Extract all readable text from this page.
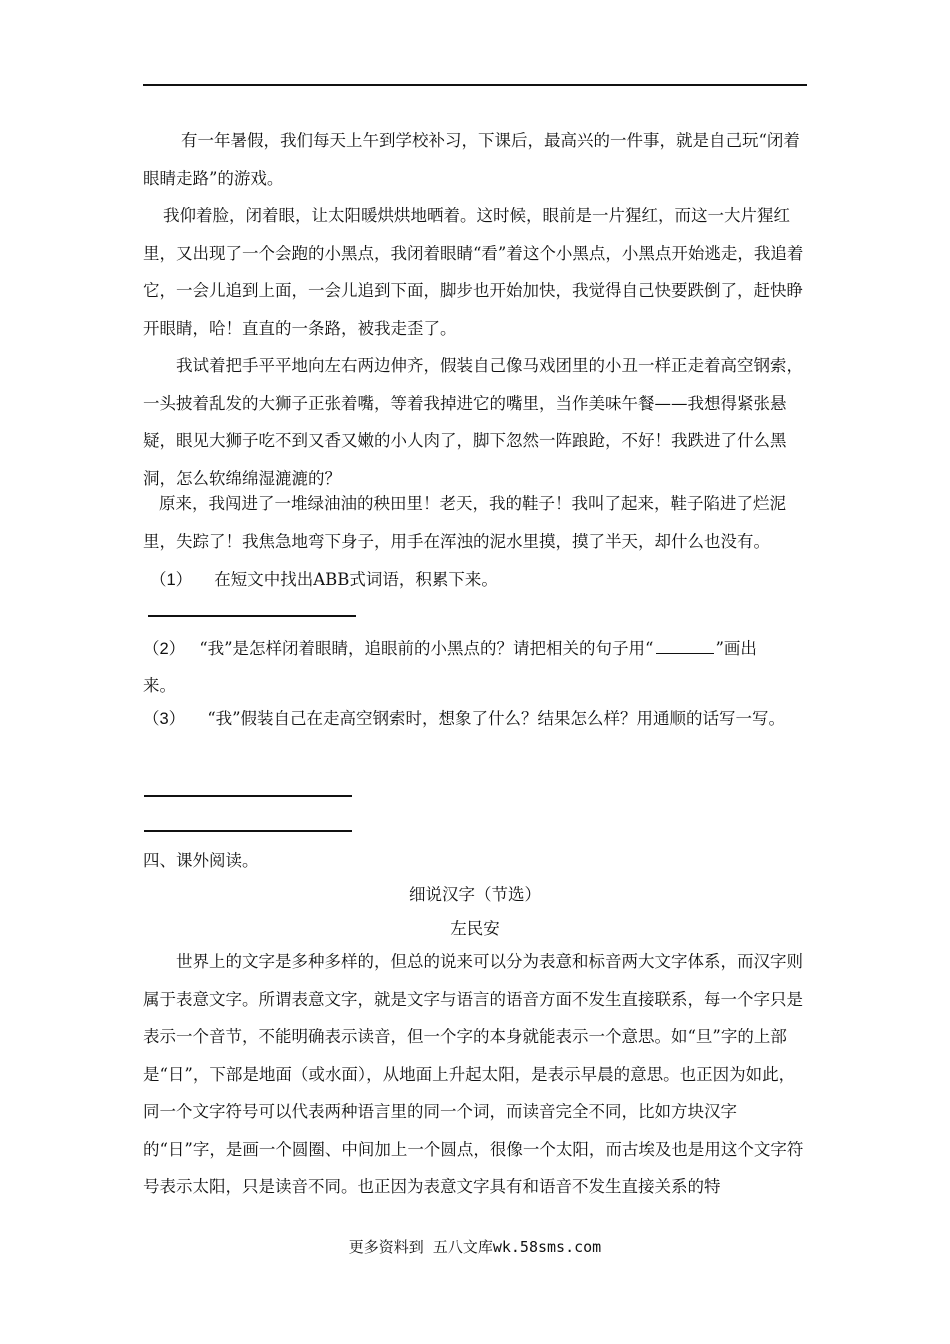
有一年暑假，我们每天上午到学校补习，下课后，最高兴的一件事，就是自己玩“闭着眼睛走路”的游戏。

我仰着脸，闭着眼，让太阳暖烘烘地晒着。这时候，眼前是一片猩红，而这一大片猩红里，又出现了一个会跑的小黑点，我闭着眼睛“看”着这个小黑点，小黑点开始逃走，我追着它，一会儿追到上面，一会儿追到下面，脚步也开始加快，我觉得自己快要跌倒了，赶快睁开眼睛，哈！直直的一条路，被我走歪了。

我试着把手平平地向左右两边伸齐，假装自己像马戏团里的小丑一样正走着高空钢索，一头披着乱发的大狮子正张着嘴，等着我掉进它的嘴里，当作美味午餐——我想得紧张悬疑，眼见大狮子吃不到又香又嫩的小人肉了，脚下忽然一阵踉跄，不好！我跌进了什么黑洞，怎么软绵绵湿漉漉的？

原来，我闯进了一堆绿油油的秧田里！老天，我的鞋子！我叫了起来，鞋子陷进了烂泥里，失踪了！我焦急地弯下身子，用手在浑浊的泥水里摸，摸了半天，却什么也没有。

（1） 在短文中找出ABB式词语，积累下来。
（2） “我”是怎样闭着眼睛，追眼前的小黑点的？请把相关的句子用“	”画出
来。
（3） “我”假装自己在走高空钢索时，想象了什么？结果怎么样？用通顺的话写一写。
四、课外阅读。
细说汉字（节选）
左民安

世界上的文字是多种多样的，但总的说来可以分为表意和标音两大文字体系，而汉字则属于表意文字。所谓表意文字，就是文字与语言的语音方面不发生直接联系，每一个字只是表示一个音节，不能明确表示读音，但一个字的本身就能表示一个意思。如“旦”字的上部是“日”，下部是地面（或水面），从地面上升起太阳，是表示早晨的意思。也正因为如此，同一个文字符号可以代表两种语言里的同一个词，而读音完全不同，比如方块汉字的“日”字，是画一个圆圈、中间加上一个圆点，很像一个太阳，而古埃及也是用这个文字符号表示太阳，只是读音不同。也正因为表意文字具有和语音不发生直接关系的特

更多资料到 五八文库wk.58sms.com
